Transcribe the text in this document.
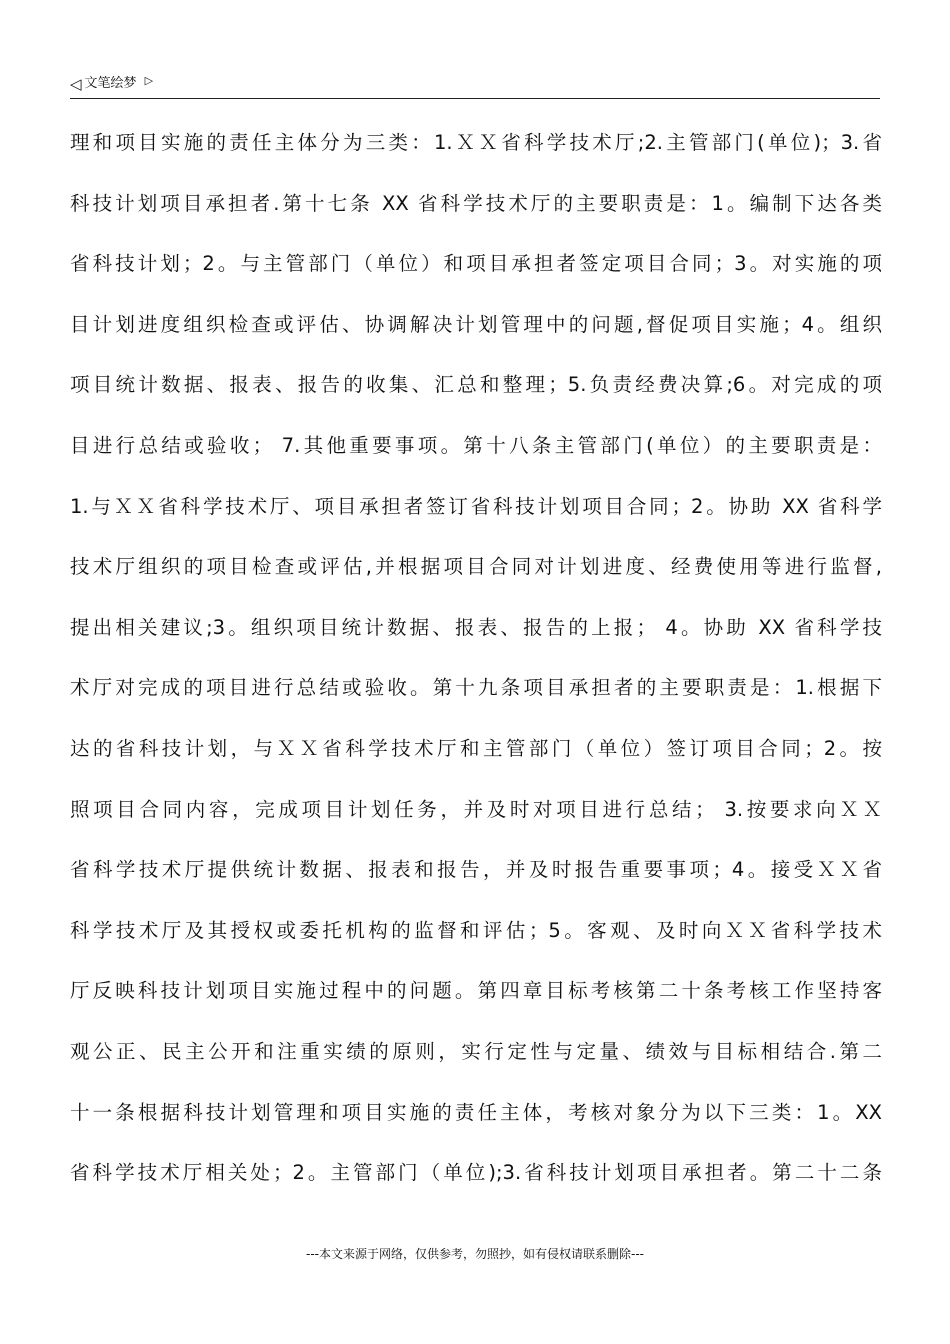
◁ 文笔绘梦 ▷
理和项目实施的责任主体分为三类：1.ＸＸ省科学技术厅;2.主管部门(单位)；3.省
科技计划项目承担者.第十七条 XX 省科学技术厅的主要职责是：1。编制下达各类
省科技计划；2。与主管部门（单位）和项目承担者签定项目合同；3。对实施的项
目计划进度组织检查或评估、协调解决计划管理中的问题,督促项目实施；4。组织
项目统计数据、报表、报告的收集、汇总和整理；5.负责经费决算;6。对完成的项
目进行总结或验收； 7.其他重要事项。第十八条主管部门(单位）的主要职责是：
1.与ＸＸ省科学技术厅、项目承担者签订省科技计划项目合同；2。协助 XX 省科学
技术厅组织的项目检查或评估,并根据项目合同对计划进度、经费使用等进行监督,
提出相关建议;3。组织项目统计数据、报表、报告的上报； 4。协助 XX 省科学技
术厅对完成的项目进行总结或验收。第十九条项目承担者的主要职责是：1.根据下
达的省科技计划，与ＸＸ省科学技术厅和主管部门（单位）签订项目合同；2。按
照项目合同内容，完成项目计划任务，并及时对项目进行总结； 3.按要求向ＸＸ
省科学技术厅提供统计数据、报表和报告，并及时报告重要事项；4。接受ＸＸ省
科学技术厅及其授权或委托机构的监督和评估；5。客观、及时向ＸＸ省科学技术
厅反映科技计划项目实施过程中的问题。第四章目标考核第二十条考核工作坚持客
观公正、民主公开和注重实绩的原则，实行定性与定量、绩效与目标相结合.第二
十一条根据科技计划管理和项目实施的责任主体，考核对象分为以下三类：1。XX
省科学技术厅相关处；2。主管部门（单位);3.省科技计划项目承担者。第二十二条
---本文来源于网络，仅供参考，勿照抄，如有侵权请联系删除---
